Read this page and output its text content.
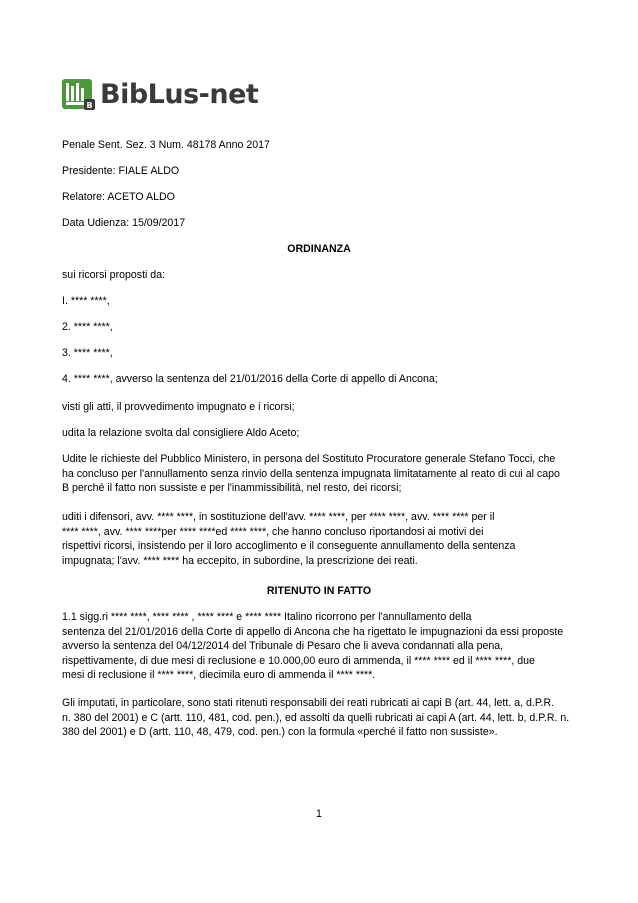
B BibLus-net
Penale Sent. Sez. 3 Num. 48178 Anno 2017
Presidente: FIALE ALDO
Relatore: ACETO ALDO
Data Udienza: 15/09/2017
ORDINANZA
sui ricorsi proposti da:
I. **** ****,
2. **** ****,
3. **** ****,
4. **** ****, avverso la sentenza del 21/01/2016 della Corte di appello di Ancona;
visti gli atti, il provvedimento impugnato e i ricorsi;
udita la relazione svolta dal consigliere Aldo Aceto;
Udite le richieste del Pubblico Ministero, in persona del Sostituto Procuratore generale Stefano Tocci, che
ha concluso per l'annullamento senza rinvio della sentenza impugnata limitatamente al reato di cui al capo
B perché il fatto non sussiste e per l'inammissibilità, nel resto, dei ricorsi;
uditi i difensori, avv. **** ****, in sostituzione dell'avv. **** ****, per **** ****, avv. **** **** per il
**** ****, avv. **** ****per **** ****ed **** ****, che hanno concluso riportandosi ai motivi dei
rispettivi ricorsi, insistendo per il loro accoglimento e il conseguente annullamento della sentenza
impugnata; l'avv. **** **** ha eccepito, in subordine, la prescrizione dei reati.
RITENUTO IN FATTO
1.1 sigg.ri **** ****, **** **** , **** **** e **** **** Italino ricorrono per l'annullamento della
sentenza del 21/01/2016 della Corte di appello di Ancona che ha rigettato le impugnazioni da essi proposte
avverso la sentenza del 04/12/2014 del Tribunale di Pesaro che li aveva condannati alla pena,
rispettivamente, di due mesi di reclusione e 10.000,00 euro di ammenda, il **** **** ed il **** ****, due
mesi di reclusione il **** ****, diecimila euro di ammenda il **** ****.
Gli imputati, in particolare, sono stati ritenuti responsabili dei reati rubricati ai capi B (art. 44, lett. a, d.P.R.
n. 380 del 2001) e C (artt. 110, 481, cod. pen.), ed assolti da quelli rubricati ai capi A (art. 44, lett. b, d.P.R. n.
380 del 2001) e D (artt. 110, 48, 479, cod. pen.) con la formula «perché il fatto non sussiste».
1
